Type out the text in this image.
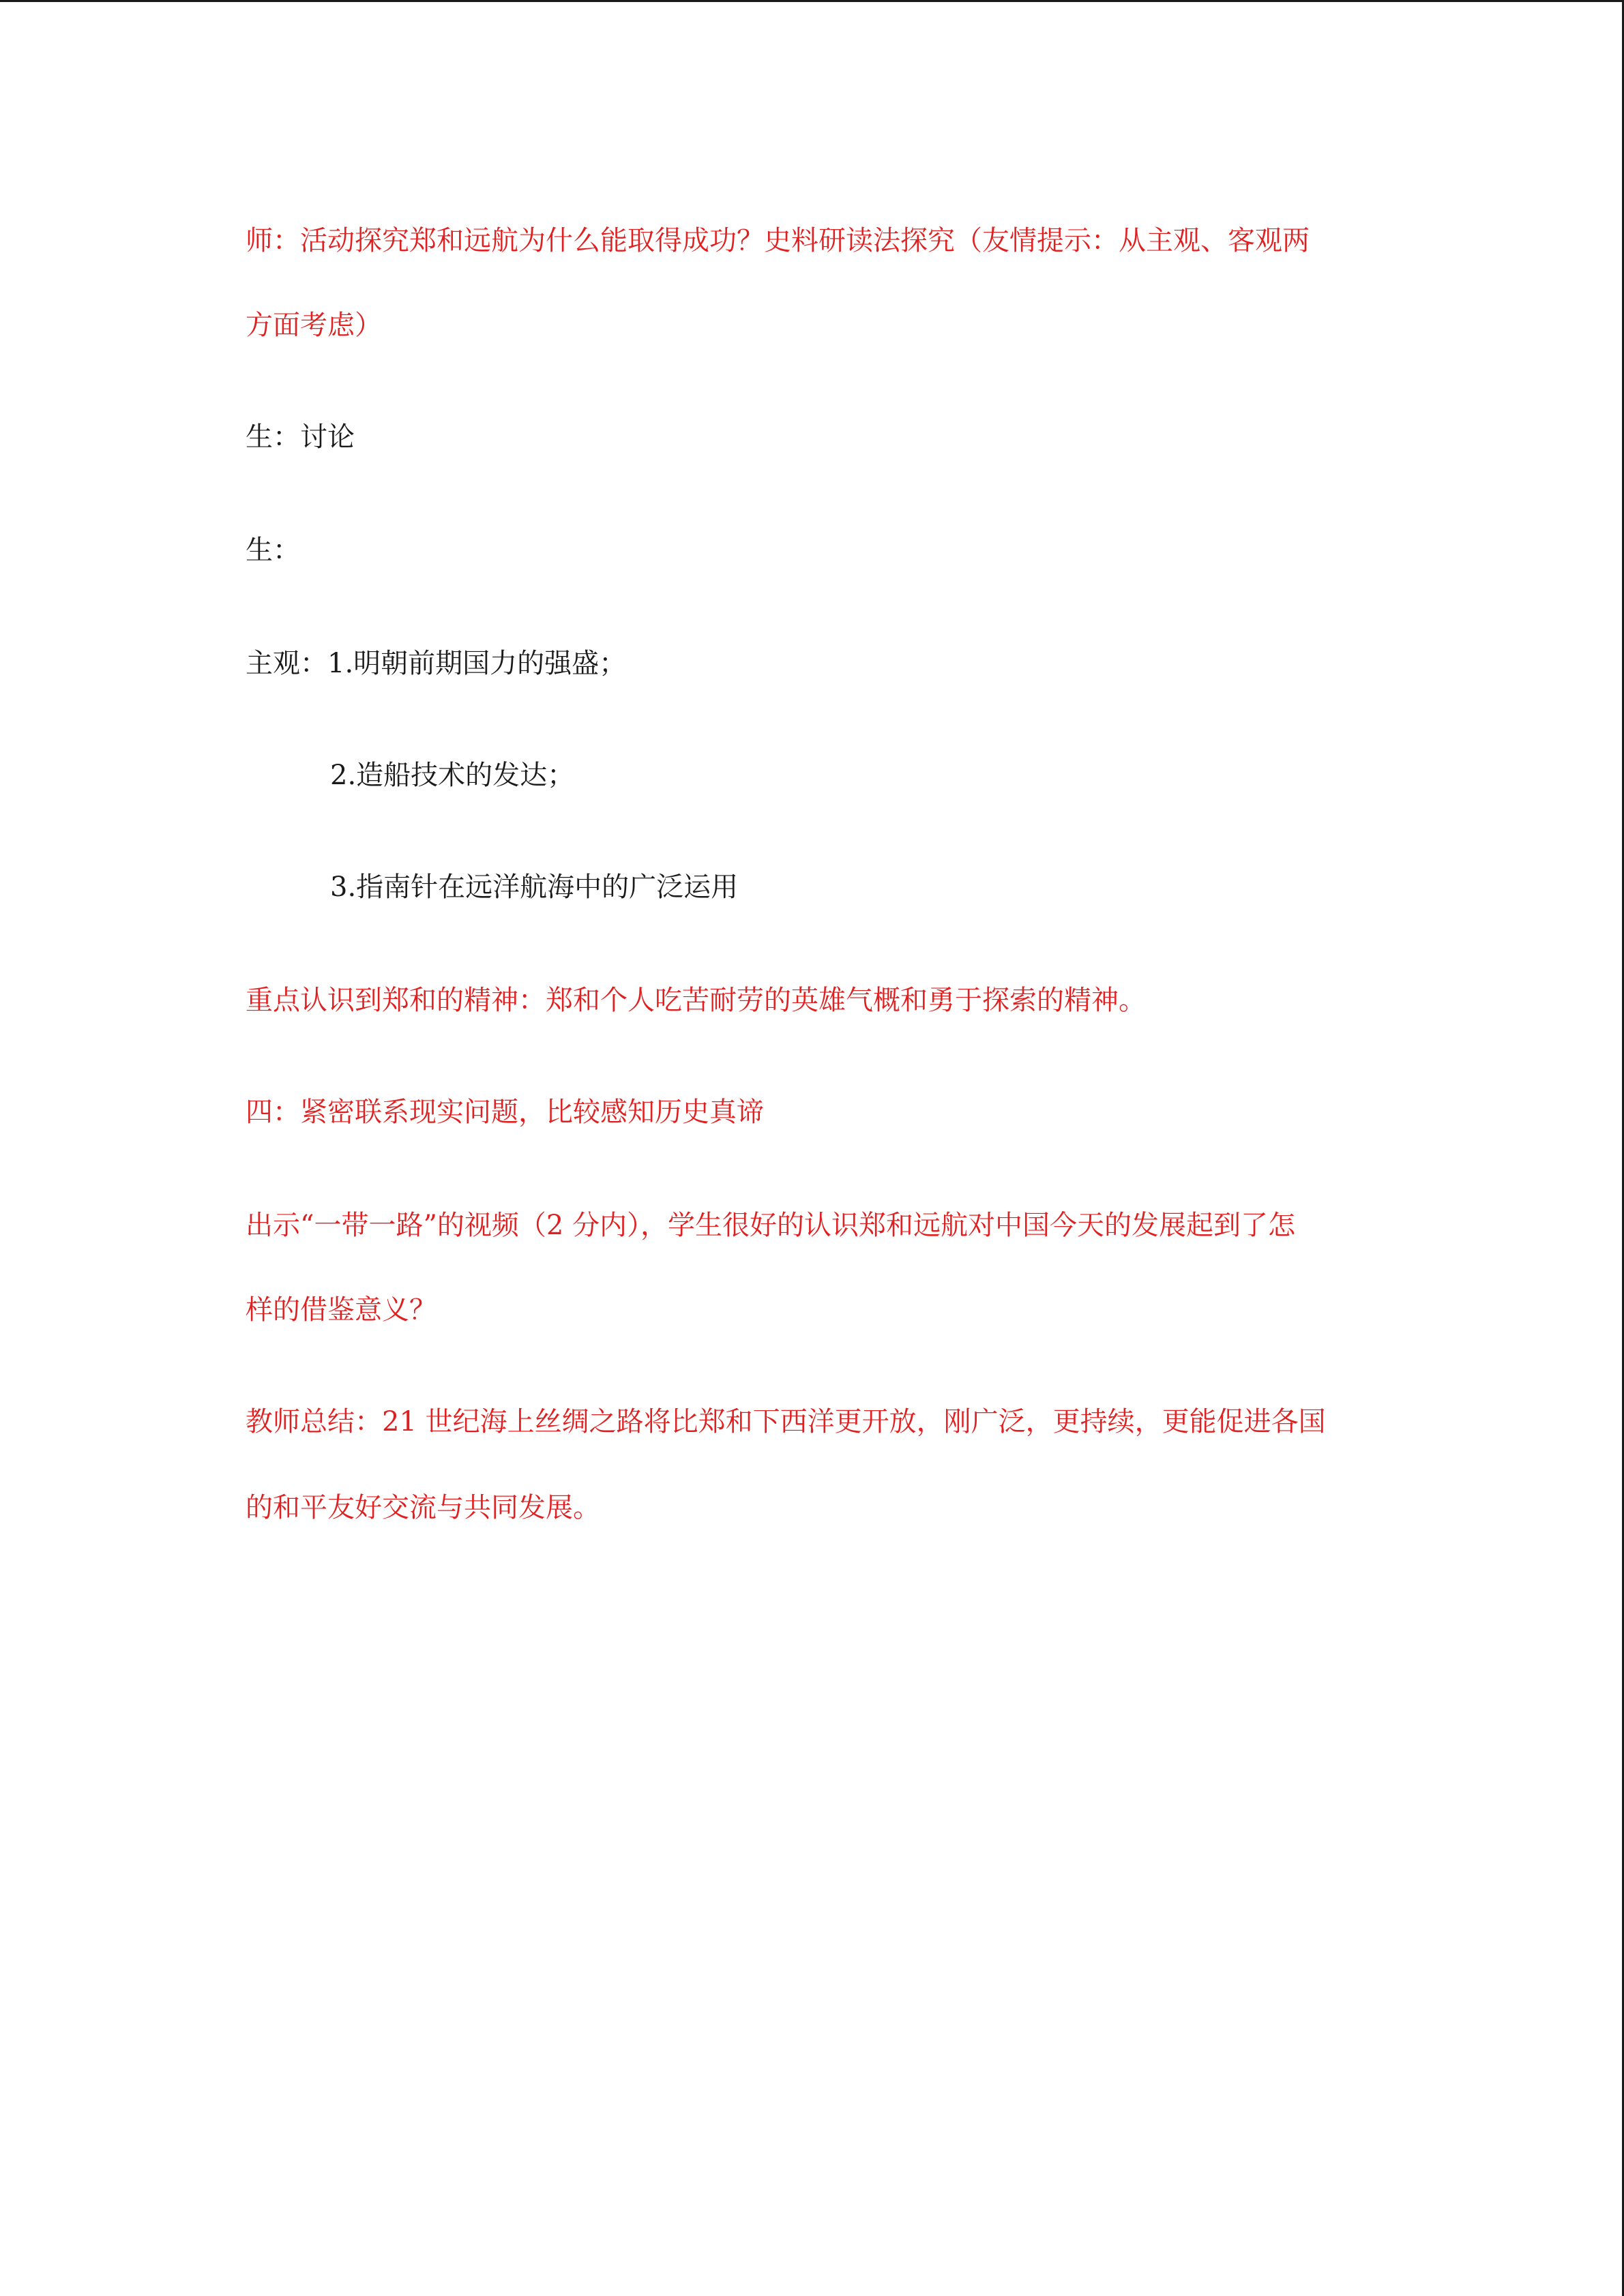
师：活动探究郑和远航为什么能取得成功？史料研读法探究（友情提示：从主观、客观两

方面考虑）

生：讨论

生：

主观：1.明朝前期国力的强盛；

2.造船技术的发达；

3.指南针在远洋航海中的广泛运用

重点认识到郑和的精神：郑和个人吃苦耐劳的英雄气概和勇于探索的精神。

四：紧密联系现实问题，比较感知历史真谛

出示“一带一路”的视频（2 分内），学生很好的认识郑和远航对中国今天的发展起到了怎

样的借鉴意义？

教师总结：21 世纪海上丝绸之路将比郑和下西洋更开放，刚广泛，更持续，更能促进各国

的和平友好交流与共同发展。
